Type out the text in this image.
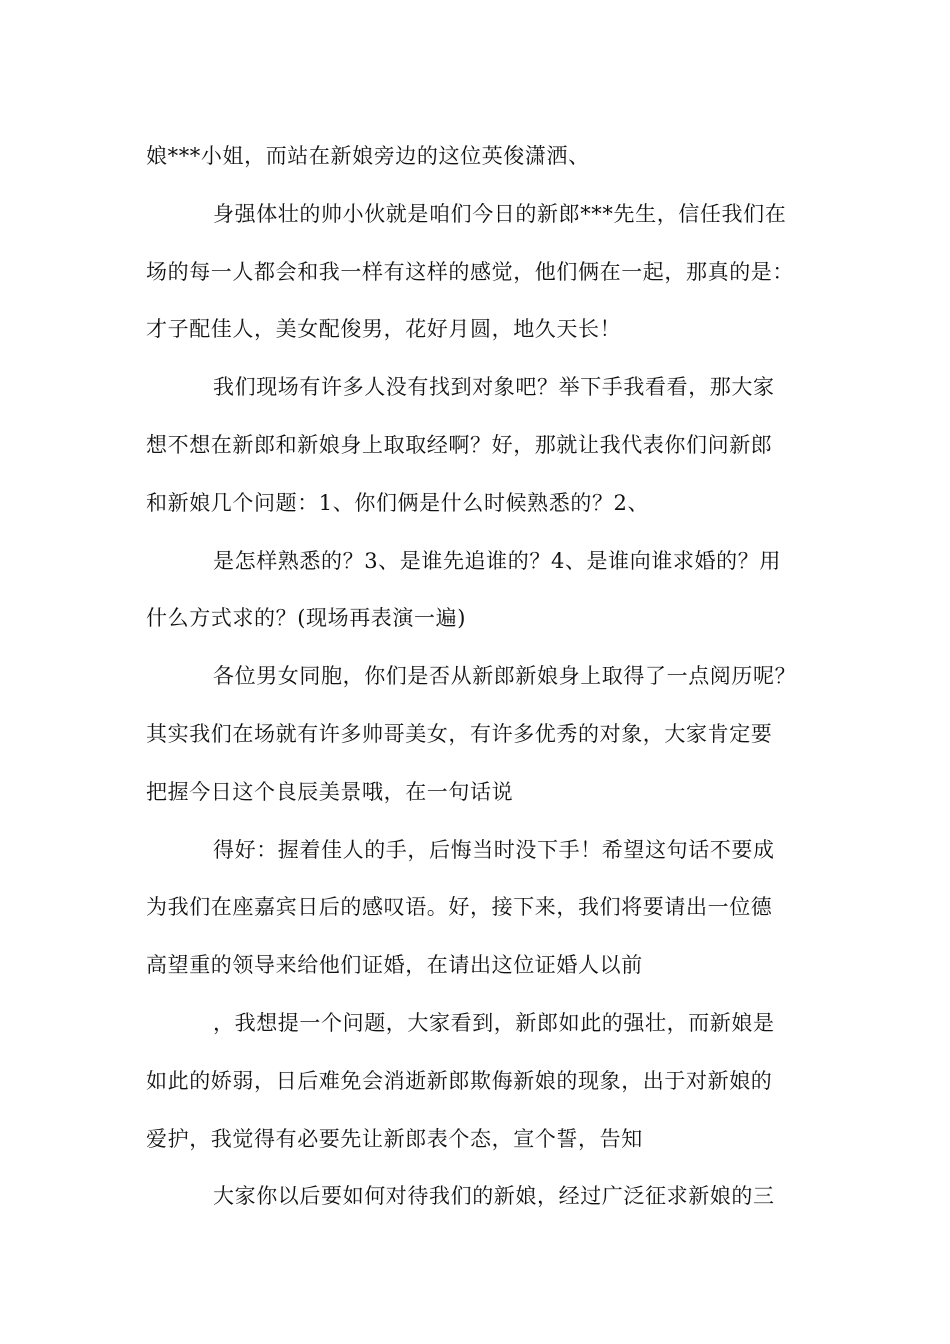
娘***小姐，而站在新娘旁边的这位英俊潇洒、
身强体壮的帅小伙就是咱们今日的新郎***先生，信任我们在
场的每一人都会和我一样有这样的感觉，他们俩在一起，那真的是：
才子配佳人，美女配俊男，花好月圆，地久天长！
我们现场有许多人没有找到对象吧？举下手我看看，那大家
想不想在新郎和新娘身上取取经啊？好，那就让我代表你们问新郎
和新娘几个问题：1、你们俩是什么时候熟悉的？2、
是怎样熟悉的？3、是谁先追谁的？4、是谁向谁求婚的？用
什么方式求的？(现场再表演一遍)
各位男女同胞，你们是否从新郎新娘身上取得了一点阅历呢？
其实我们在场就有许多帅哥美女，有许多优秀的对象，大家肯定要
把握今日这个良辰美景哦，在一句话说
得好：握着佳人的手，后悔当时没下手！希望这句话不要成
为我们在座嘉宾日后的感叹语。好，接下来，我们将要请出一位德
高望重的领导来给他们证婚，在请出这位证婚人以前
，我想提一个问题，大家看到，新郎如此的强壮，而新娘是
如此的娇弱，日后难免会消逝新郎欺侮新娘的现象，出于对新娘的
爱护，我觉得有必要先让新郎表个态，宣个誓，告知
大家你以后要如何对待我们的新娘，经过广泛征求新娘的三
